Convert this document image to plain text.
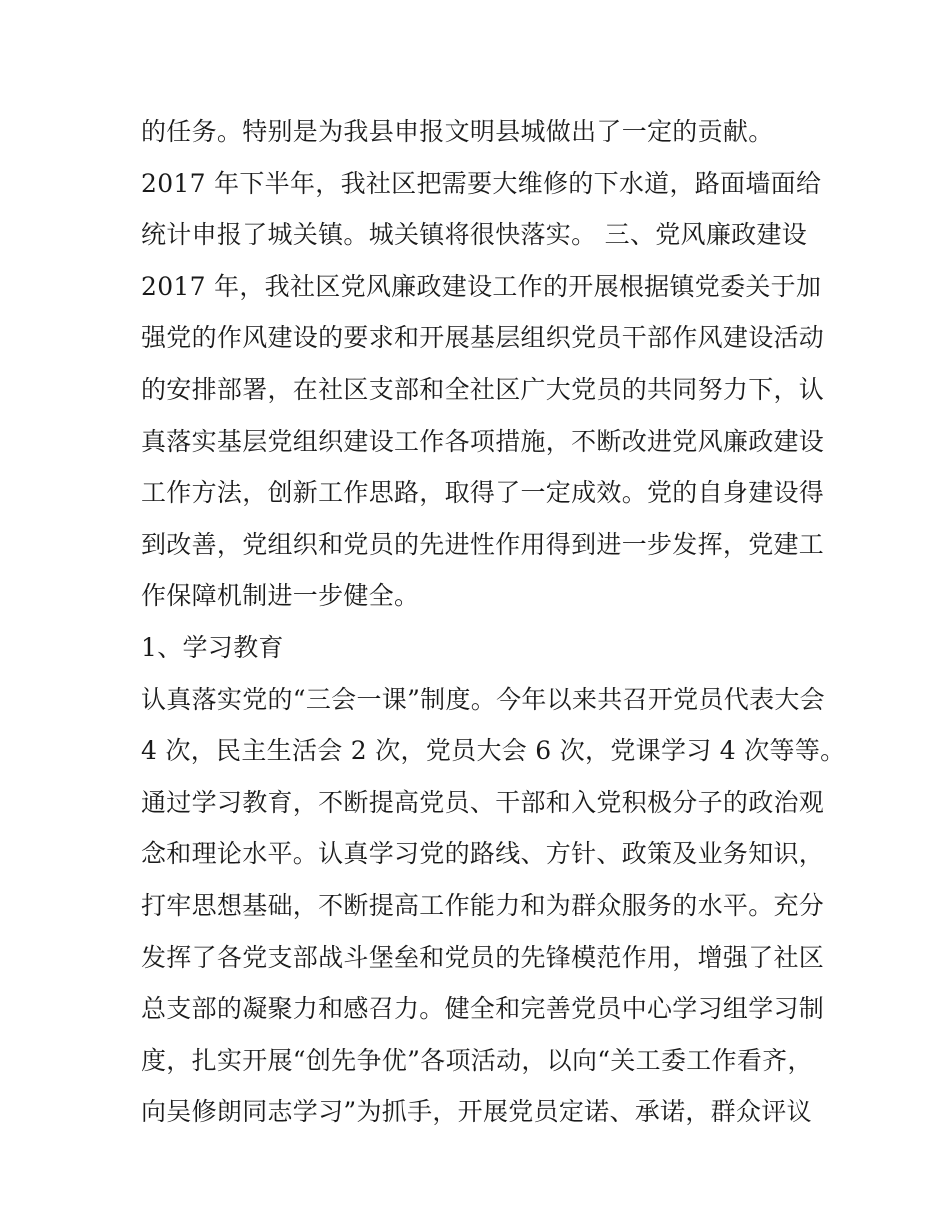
的任务。特别是为我县申报文明县城做出了一定的贡献。
2017 年下半年，我社区把需要大维修的下水道，路面墙面给
统计申报了城关镇。城关镇将很快落实。 三、党风廉政建设
2017 年，我社区党风廉政建设工作的开展根据镇党委关于加
强党的作风建设的要求和开展基层组织党员干部作风建设活动
的安排部署，在社区支部和全社区广大党员的共同努力下，认
真落实基层党组织建设工作各项措施，不断改进党风廉政建设
工作方法，创新工作思路，取得了一定成效。党的自身建设得
到改善，党组织和党员的先进性作用得到进一步发挥，党建工
作保障机制进一步健全。
1、学习教育
认真落实党的“三会一课”制度。今年以来共召开党员代表大会
4 次，民主生活会 2 次，党员大会 6 次，党课学习 4 次等等。
通过学习教育，不断提高党员、干部和入党积极分子的政治观
念和理论水平。认真学习党的路线、方针、政策及业务知识，
打牢思想基础，不断提高工作能力和为群众服务的水平。充分
发挥了各党支部战斗堡垒和党员的先锋模范作用，增强了社区
总支部的凝聚力和感召力。健全和完善党员中心学习组学习制
度，扎实开展“创先争优”各项活动，以向“关工委工作看齐，
向吴修朗同志学习”为抓手，开展党员定诺、承诺，群众评议
